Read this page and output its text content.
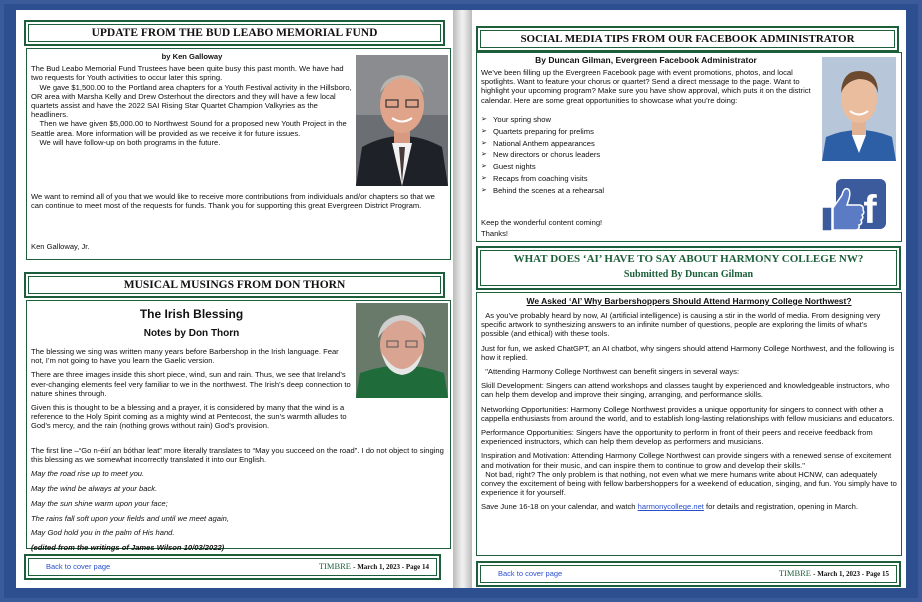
UPDATE FROM THE BUD LEABO MEMORIAL FUND
by Ken Galloway
The Bud Leabo Memorial Fund Trustees have been quite busy this past month. We have had two requests for Youth activities to occur later this spring.
We gave $1,500.00 to the Portland area chapters for a Youth Festival activity in the Hillsboro, OR area with Marsha Kelly and Drew Osterhout the directors and they will have a few local quartets assist and have the 2022 SAI Rising Star Quartet Champion Valkyries as the headliners.
Then we have given $5,000.00 to Northwest Sound for a proposed new Youth Project in the Seattle area. More information will be provided as we receive it for future issues.
We will have follow-up on both programs in the future.
We want to remind all of you that we would like to receive more contributions from individuals and/or chapters so that we can continue to meet most of the requests for funds. Thank you for supporting this great Evergreen District Program.
Ken Galloway, Jr.
MUSICAL MUSINGS FROM DON THORN
The Irish Blessing
Notes by Don Thorn

The blessing we sing was written many years before Barbershop in the Irish language. Fear not, I’m not going to have you learn the Gaelic version.

There are three images inside this short piece, wind, sun and rain. Thus, we see that Ireland’s ever-changing elements feel very familiar to we in the northwest. The Irish’s deep connection to nature shines through.

Given this is thought to be a blessing and a prayer, it is considered by many that the wind is a reference to the Holy Spirit coming as a mighty wind at Pentecost, the sun’s warmth alludes to God’s mercy, and the rain (nothing grows without rain) God’s provision.

The first line –“Go n-éirí an bóthar leat” more literally translates to “May you succeed on the road”. I do not object to singing this blessing as we somewhat incorrectly translated it into our English.

May the road rise up to meet you.

May the wind be always at your back.

May the sun shine warm upon your face;

The rains fall soft upon your fields and until we meet again,

May God hold you in the palm of His hand.

(edited from the writings of James Wilson 10/03/2022)

Back to cover page	TIMBRE - March 1, 2023 - Page 14
SOCIAL MEDIA TIPS FROM OUR FACEBOOK ADMINISTRATOR
By Duncan Gilman, Evergreen Facebook Administrator
We’ve been filling up the Evergreen Facebook page with event promotions, photos, and local spotlights. Want to feature your chorus or quartet? Send a direct message to the page. Want to highlight your upcoming program? Make sure you have show approval, which puts it on the district calendar. Here are some great opportunities to showcase what you’re doing:
➢ Your spring show
➢ Quartets preparing for prelims
➢ National Anthem appearances
➢ New directors or chorus leaders
➢ Guest nights
➢ Recaps from coaching visits
➢ Behind the scenes at a rehearsal	f
Keep the wonderful content coming!
Thanks!
WHAT DOES ‘AI’ HAVE TO SAY ABOUT HARMONY COLLEGE NW?
Submitted By Duncan Gilman
We Asked ‘AI’ Why Barbershoppers Should Attend Harmony College Northwest?

As you’ve probably heard by now, AI (artificial intelligence) is causing a stir in the world of media. From designing very specific artwork to synthesizing answers to an infinite number of questions, people are exploring the limits of what’s possible (and ethical) with these tools.

Just for fun, we asked ChatGPT, an AI chatbot, why singers should attend Harmony College Northwest, and the following is how it replied.

"Attending Harmony College Northwest can benefit singers in several ways:

Skill Development: Singers can attend workshops and classes taught by experienced and knowledgeable instructors, who can help them develop and improve their singing, arranging, and performance skills.

Networking Opportunities: Harmony College Northwest provides a unique opportunity for singers to connect with other a cappella enthusiasts from around the world, and to establish long-lasting relationships with fellow musicians and educators.

Performance Opportunities: Singers have the opportunity to perform in front of their peers and receive feedback from experienced instructors, which can help them develop as performers and musicians.

Inspiration and Motivation: Attending Harmony College Northwest can provide singers with a renewed sense of excitement and motivation for their music, and can inspire them to continue to grow and develop their skills."
Not bad, right? The only problem is that nothing, not even what we mere humans write about HCNW, can adequately convey the excitement of being with fellow barbershoppers for a weekend of education, singing, and fun. You simply have to experience it for yourself.

Save June 16-18 on your calendar, and watch harmonycollege.net for details and registration, opening in March.

Back to cover page	TIMBRE - March 1, 2023 - Page 15
